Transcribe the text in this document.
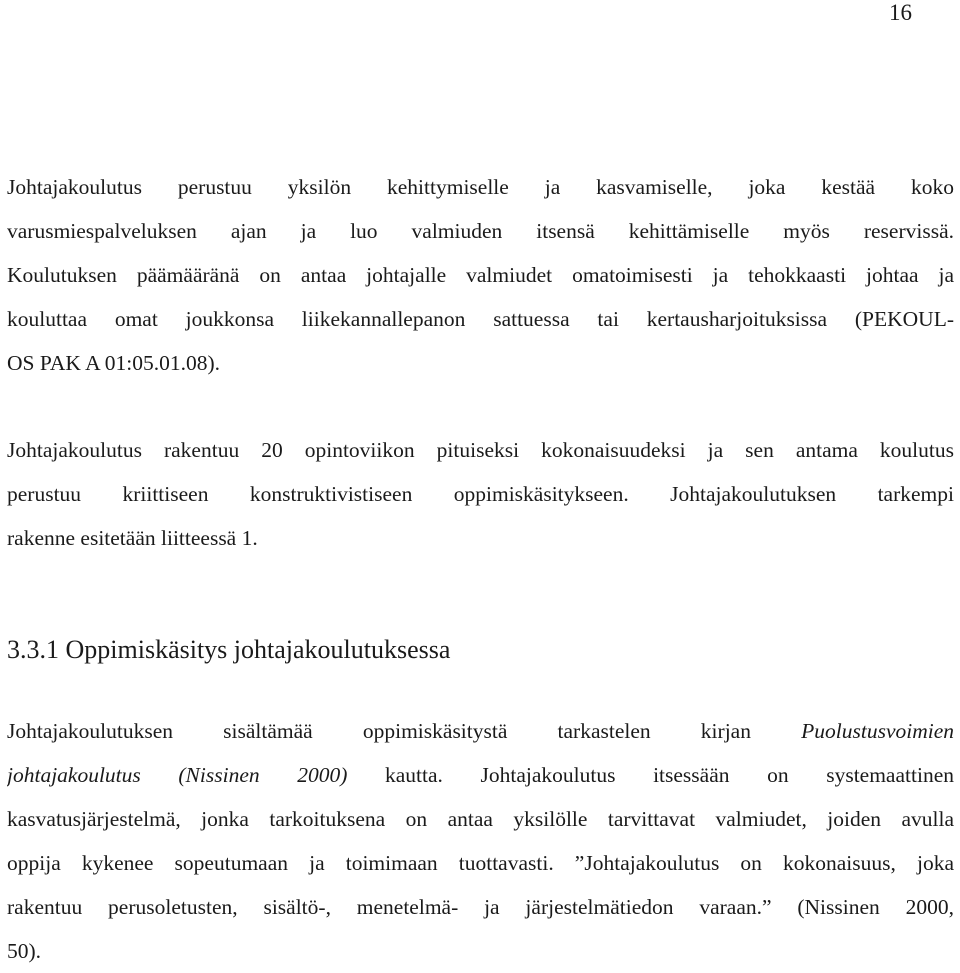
16
Johtajakoulutus perustuu yksilön kehittymiselle ja kasvamiselle, joka kestää koko
varusmiespalveluksen ajan ja luo valmiuden itsensä kehittämiselle myös reservissä.
Koulutuksen päämääränä on antaa johtajalle valmiudet omatoimisesti ja tehokkaasti johtaa ja
kouluttaa omat joukkonsa liikekannallepanon sattuessa tai kertausharjoituksissa (PEKOUL-
OS PAK A 01:05.01.08).
Johtajakoulutus rakentuu 20 opintoviikon pituiseksi kokonaisuudeksi ja sen antama koulutus
perustuu kriittiseen konstruktivistiseen oppimiskäsitykseen. Johtajakoulutuksen tarkempi
rakenne esitetään liitteessä 1.
3.3.1 Oppimiskäsitys johtajakoulutuksessa
Johtajakoulutuksen sisältämää oppimiskäsitystä tarkastelen kirjan Puolustusvoimien
johtajakoulutus (Nissinen 2000) kautta. Johtajakoulutus itsessään on systemaattinen
kasvatusjärjestelmä, jonka tarkoituksena on antaa yksilölle tarvittavat valmiudet, joiden avulla
oppija kykenee sopeutumaan ja toimimaan tuottavasti. ”Johtajakoulutus on kokonaisuus, joka
rakentuu perusoletusten, sisältö-, menetelmä- ja järjestelmätiedon varaan.” (Nissinen 2000,
50).
